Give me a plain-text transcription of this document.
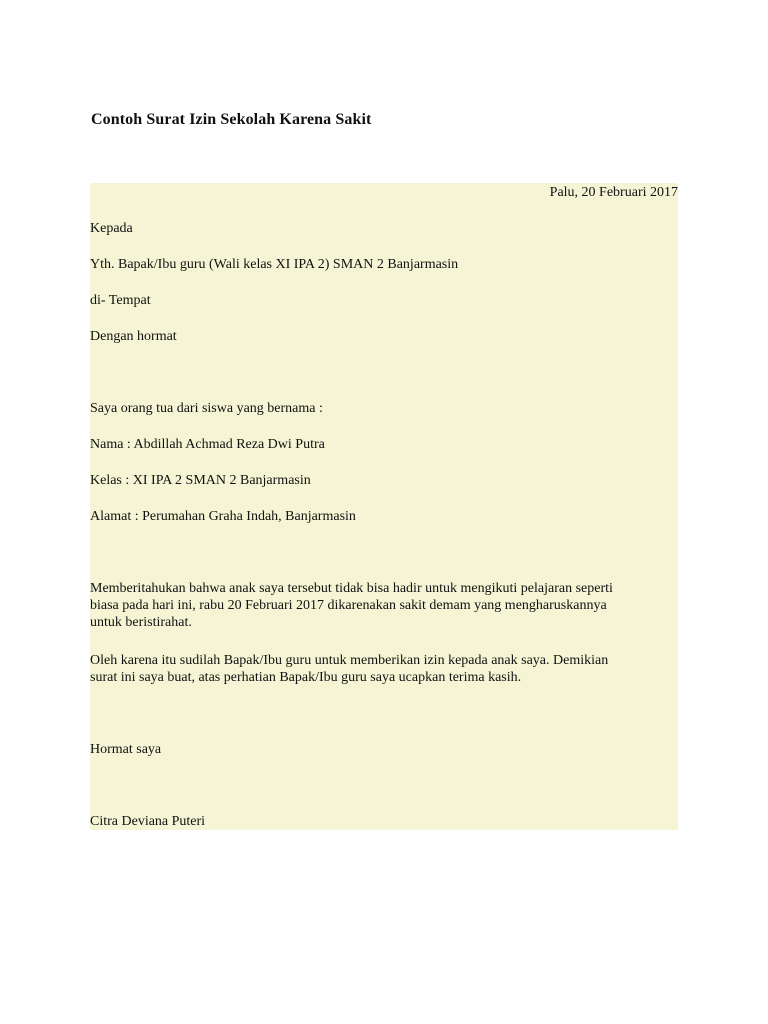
Contoh Surat Izin Sekolah Karena Sakit
Palu, 20 Februari 2017
Kepada
Yth. Bapak/Ibu guru (Wali kelas XI IPA 2) SMAN 2 Banjarmasin
di- Tempat
Dengan hormat
Saya orang tua dari siswa yang bernama :
Nama : Abdillah Achmad Reza Dwi Putra
Kelas : XI IPA 2 SMAN 2 Banjarmasin
Alamat : Perumahan Graha Indah, Banjarmasin
Memberitahukan bahwa anak saya tersebut tidak bisa hadir untuk mengikuti pelajaran seperti
biasa pada hari ini, rabu 20 Februari 2017 dikarenakan sakit demam yang mengharuskannya
untuk beristirahat.
Oleh karena itu sudilah Bapak/Ibu guru untuk memberikan izin kepada anak saya. Demikian
surat ini saya buat, atas perhatian Bapak/Ibu guru saya ucapkan terima kasih.
Hormat saya
Citra Deviana Puteri
